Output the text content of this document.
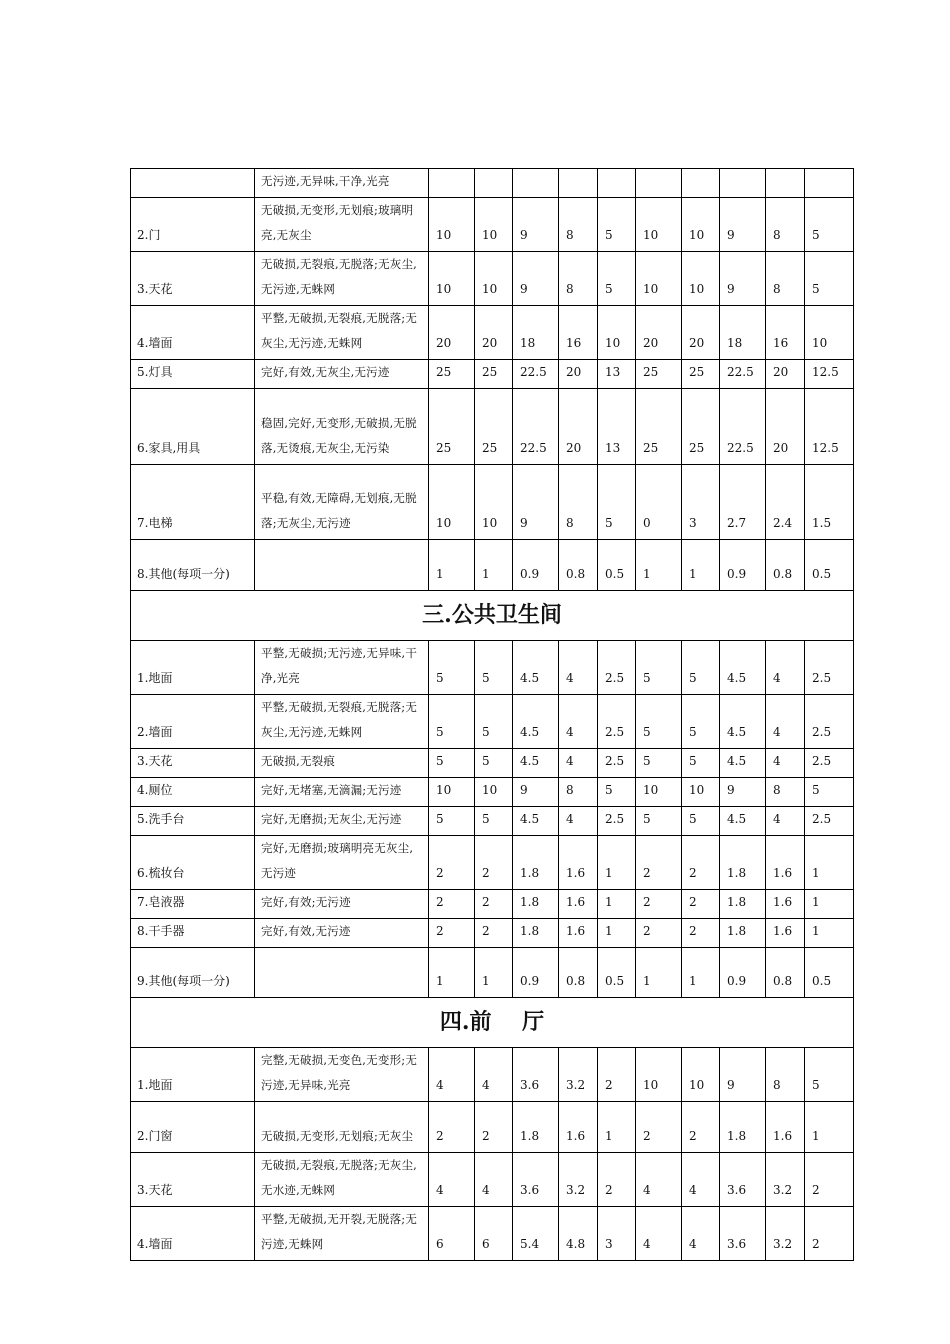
	无污迹,无异味,干净,光亮										
2.门	无破损,无变形,无划痕;玻璃明亮,无灰尘	10	10	9	8	5	10	10	9	8	5
3.天花	无破损,无裂痕,无脱落;无灰尘,无污迹,无蛛网	10	10	9	8	5	10	10	9	8	5
4.墙面	平整,无破损,无裂痕,无脱落;无灰尘,无污迹,无蛛网	20	20	18	16	10	20	20	18	16	10
5.灯具	完好,有效,无灰尘,无污迹	25	25	22.5	20	13	25	25	22.5	20	12.5
6.家具,用具	稳固,完好,无变形,无破损,无脱落,无烫痕,无灰尘,无污染	25	25	22.5	20	13	25	25	22.5	20	12.5
7.电梯	平稳,有效,无障碍,无划痕,无脱落;无灰尘,无污迹	10	10	9	8	5	0	3	2.7	2.4	1.5
8.其他(每项一分)		1	1	0.9	0.8	0.5	1	1	0.9	0.8	0.5
三.公共卫生间											
1.地面	平整,无破损;无污迹,无异味,干净,光亮	5	5	4.5	4	2.5	5	5	4.5	4	2.5
2.墙面	平整,无破损,无裂痕,无脱落;无灰尘,无污迹,无蛛网	5	5	4.5	4	2.5	5	5	4.5	4	2.5
3.天花	无破损,无裂痕	5	5	4.5	4	2.5	5	5	4.5	4	2.5
4.厕位	完好,无堵塞,无滴漏;无污迹	10	10	9	8	5	10	10	9	8	5
5.洗手台	完好,无磨损;无灰尘,无污迹	5	5	4.5	4	2.5	5	5	4.5	4	2.5
6.梳妆台	完好,无磨损;玻璃明亮无灰尘,无污迹	2	2	1.8	1.6	1	2	2	1.8	1.6	1
7.皂液器	完好,有效;无污迹	2	2	1.8	1.6	1	2	2	1.8	1.6	1
8.干手器	完好,有效,无污迹	2	2	1.8	1.6	1	2	2	1.8	1.6	1
9.其他(每项一分)		1	1	0.9	0.8	0.5	1	1	0.9	0.8	0.5
四.前    厅											
1.地面	完整,无破损,无变色,无变形;无污迹,无异味,光亮	4	4	3.6	3.2	2	10	10	9	8	5
2.门窗	无破损,无变形,无划痕;无灰尘	2	2	1.8	1.6	1	2	2	1.8	1.6	1
3.天花	无破损,无裂痕,无脱落;无灰尘,无水迹,无蛛网	4	4	3.6	3.2	2	4	4	3.6	3.2	2
4.墙面	平整,无破损,无开裂,无脱落;无污迹,无蛛网	6	6	5.4	4.8	3	4	4	3.6	3.2	2
